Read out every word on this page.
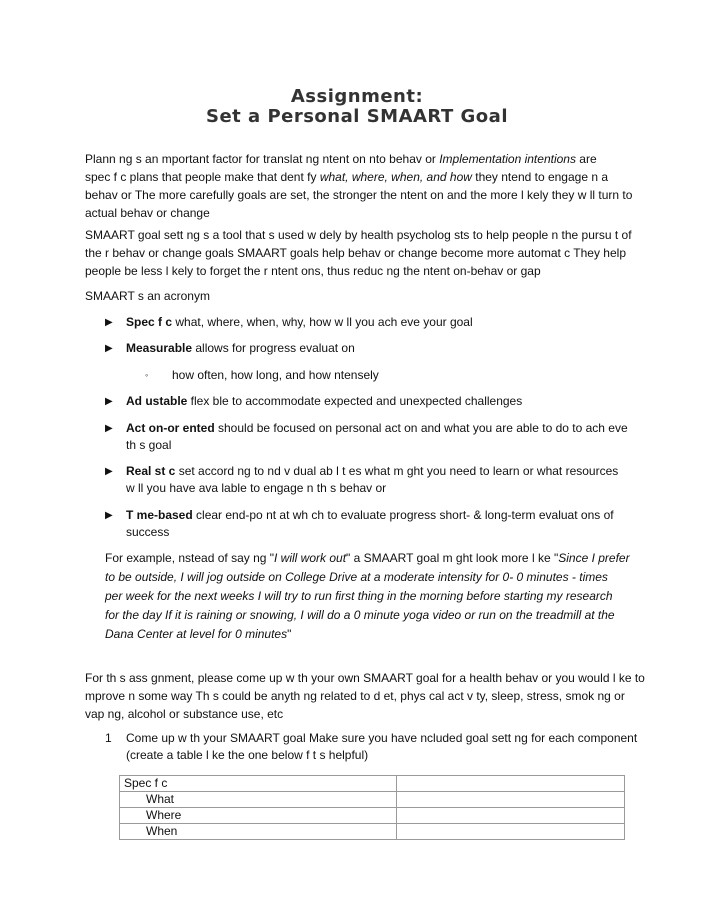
Assignment:
Set a Personal SMAART Goal
Plann ng s an mportant factor for translat ng ntent on nto behav or Implementation intentions are
spec f c plans that people make that dent fy what, where, when, and how they ntend to engage n a
behav or The more carefully goals are set, the stronger the ntent on and the more l kely they w ll turn to
actual behav or change
SMAART goal sett ng s a tool that s used w dely by health psycholog sts to help people n the pursu t of
the r behav or change goals SMAART goals help behav or change become more automat c They help
people be less l kely to forget the r ntent ons, thus reduc ng the ntent on-behav or gap
SMAART s an acronym
▶ Spec f c what, where, when, why, how w ll you ach eve your goal
▶ Measurable allows for progress evaluat on
◦ how often, how long, and how ntensely
▶ Ad ustable flex ble to accommodate expected and unexpected challenges
▶ Act on-or ented should be focused on personal act on and what you are able to do to ach eve
th s goal
▶ Real st c set accord ng to nd v dual ab l t es what m ght you need to learn or what resources
w ll you have ava lable to engage n th s behav or
▶ T me-based clear end-po nt at wh ch to evaluate progress short- & long-term evaluat ons of
success
For example, nstead of say ng "I will work out" a SMAART goal m ght look more l ke "Since I prefer
to be outside, I will jog outside on College Drive at a moderate intensity for 0- 0 minutes - times
per week for the next weeks I will try to run first thing in the morning before starting my research
for the day If it is raining or snowing, I will do a 0 minute yoga video or run on the treadmill at the
Dana Center at level for 0 minutes"
For th s ass gnment, please come up w th your own SMAART goal for a health behav or you would l ke to
mprove n some way Th s could be anyth ng related to d et, phys cal act v ty, sleep, stress, smok ng or
vap ng, alcohol or substance use, etc
1 Come up w th your SMAART goal Make sure you have ncluded goal sett ng for each component
(create a table l ke the one below f t s helpful)
Spec f c	
What	
Where	
When	
